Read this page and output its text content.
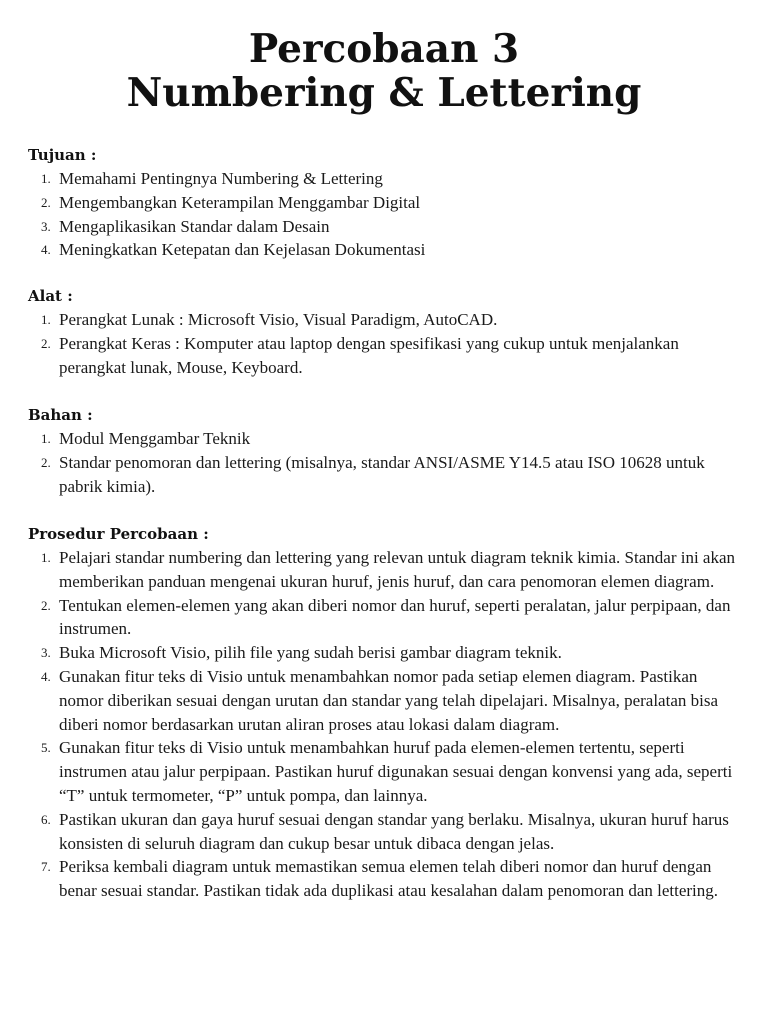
Percobaan 3
Numbering & Lettering
Tujuan :
1. Memahami Pentingnya Numbering & Lettering
2. Mengembangkan Keterampilan Menggambar Digital
3. Mengaplikasikan Standar dalam Desain
4. Meningkatkan Ketepatan dan Kejelasan Dokumentasi
Alat :
1. Perangkat Lunak : Microsoft Visio, Visual Paradigm, AutoCAD.
2. Perangkat Keras : Komputer atau laptop dengan spesifikasi yang cukup untuk menjalankan perangkat lunak, Mouse, Keyboard.
Bahan :
1. Modul Menggambar Teknik
2. Standar penomoran dan lettering (misalnya, standar ANSI/ASME Y14.5 atau ISO 10628 untuk pabrik kimia).
Prosedur Percobaan :
1. Pelajari standar numbering dan lettering yang relevan untuk diagram teknik kimia. Standar ini akan memberikan panduan mengenai ukuran huruf, jenis huruf, dan cara penomoran elemen diagram.
2. Tentukan elemen-elemen yang akan diberi nomor dan huruf, seperti peralatan, jalur perpipaan, dan instrumen.
3. Buka Microsoft Visio, pilih file yang sudah berisi gambar diagram teknik.
4. Gunakan fitur teks di Visio untuk menambahkan nomor pada setiap elemen diagram. Pastikan nomor diberikan sesuai dengan urutan dan standar yang telah dipelajari. Misalnya, peralatan bisa diberi nomor berdasarkan urutan aliran proses atau lokasi dalam diagram.
5. Gunakan fitur teks di Visio untuk menambahkan huruf pada elemen-elemen tertentu, seperti instrumen atau jalur perpipaan. Pastikan huruf digunakan sesuai dengan konvensi yang ada, seperti “T” untuk termometer, “P” untuk pompa, dan lainnya.
6. Pastikan ukuran dan gaya huruf sesuai dengan standar yang berlaku. Misalnya, ukuran huruf harus konsisten di seluruh diagram dan cukup besar untuk dibaca dengan jelas.
7. Periksa kembali diagram untuk memastikan semua elemen telah diberi nomor dan huruf dengan benar sesuai standar. Pastikan tidak ada duplikasi atau kesalahan dalam penomoran dan lettering.
